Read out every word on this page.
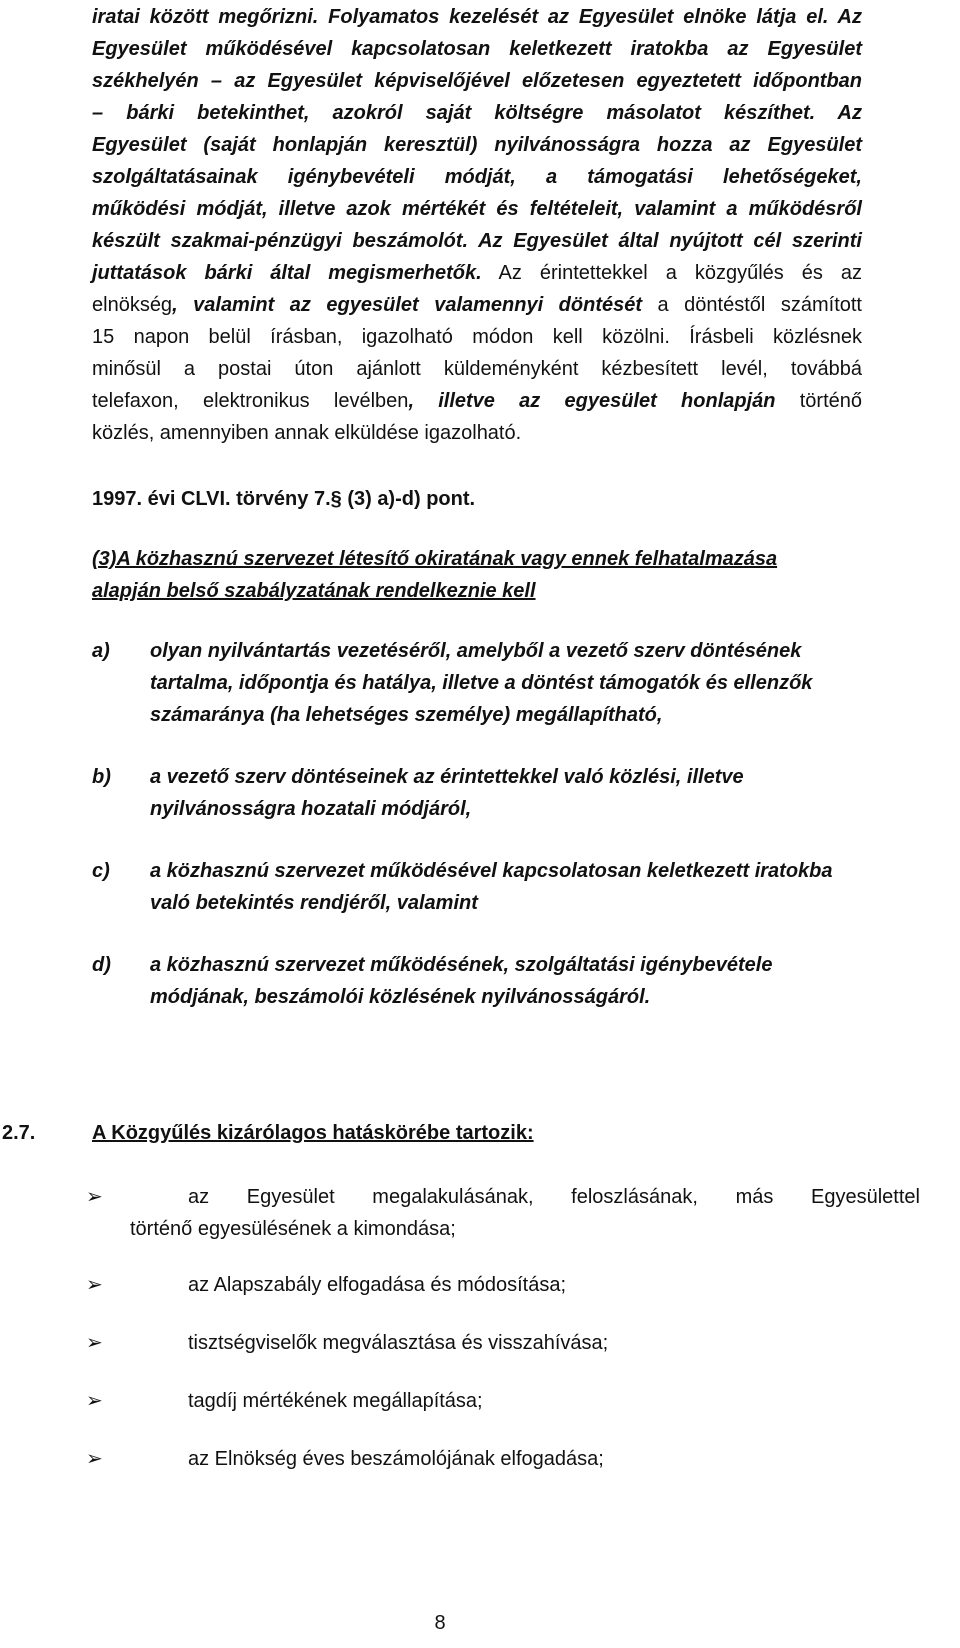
iratai között megőrizni. Folyamatos kezelését az Egyesület elnöke látja el. Az
Egyesület működésével kapcsolatosan keletkezett iratokba az Egyesület
székhelyén – az Egyesület képviselőjével előzetesen egyeztetett időpontban
– bárki betekinthet, azokról saját költségre másolatot készíthet. Az
Egyesület (saját honlapján keresztül) nyilvánosságra hozza az Egyesület
szolgáltatásainak igénybevételi módját, a támogatási lehetőségeket,
működési módját, illetve azok mértékét és feltételeit, valamint a működésről
készült szakmai-pénzügyi beszámolót. Az Egyesület által nyújtott cél szerinti
juttatások bárki által megismerhetők. Az érintettekkel a közgyűlés és az
elnökség, valamint az egyesület valamennyi döntését a döntéstől számított
15 napon belül írásban, igazolható módon kell közölni. Írásbeli közlésnek
minősül a postai úton ajánlott küldeményként kézbesített levél, továbbá
telefaxon, elektronikus levélben, illetve az egyesület honlapján történő
közlés, amennyiben annak elküldése igazolható.
1997. évi CLVI. törvény 7.§ (3) a)-d) pont.
(3)A közhasznú szervezet létesítő okiratának vagy ennek felhatalmazása
alapján belső szabályzatának rendelkeznie kell
a) olyan nyilvántartás vezetéséről, amelyből a vezető szerv döntésének
tartalma, időpontja és hatálya, illetve a döntést támogatók és ellenzők
számaránya (ha lehetséges személye) megállapítható,
b) a vezető szerv döntéseinek az érintettekkel való közlési, illetve
nyilvánosságra hozatali módjáról,
c) a közhasznú szervezet működésével kapcsolatosan keletkezett iratokba
való betekintés rendjéről, valamint
d) a közhasznú szervezet működésének, szolgáltatási igénybevétele
módjának, beszámolói közlésének nyilvánosságáról.
2.7.	A Közgyűlés kizárólagos hatáskörébe tartozik:
➢	az Egyesület megalakulásának, feloszlásának, más Egyesülettel
történő egyesülésének a kimondása;
➢	az Alapszabály elfogadása és módosítása;
➢	tisztségviselők megválasztása és visszahívása;
➢	tagdíj mértékének megállapítása;
➢	az Elnökség éves beszámolójának elfogadása;
8
